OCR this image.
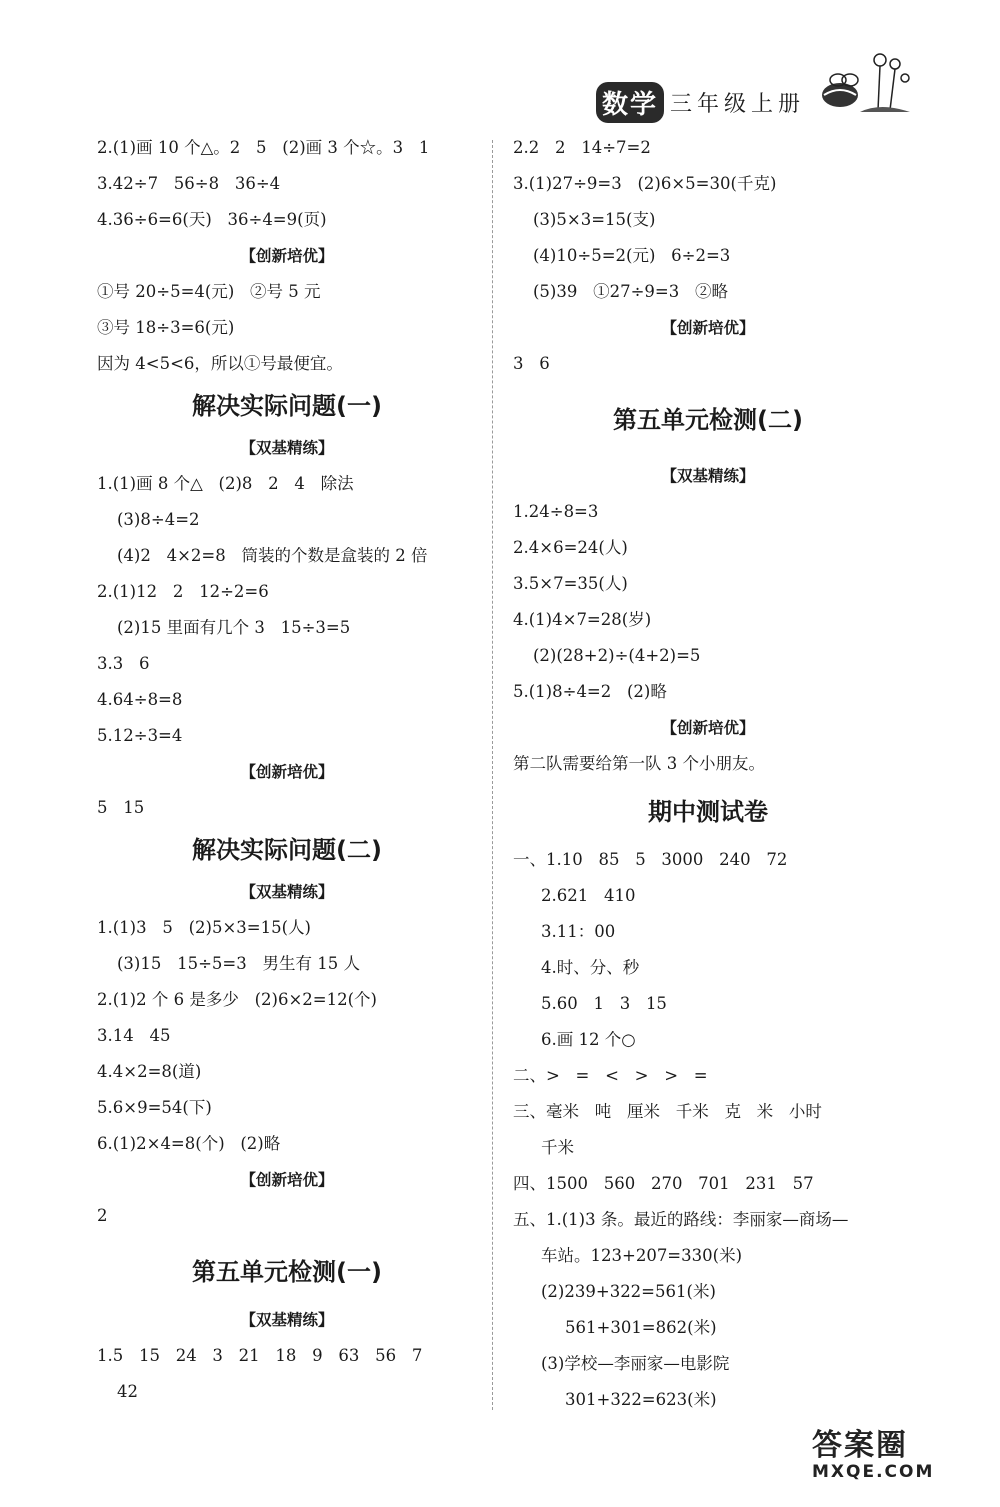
数学 三年级上册
2.(1)画 10 个△。2   5   (2)画 3 个☆。3   1
3.42÷7   56÷8   36÷4
4.36÷6=6(天)   36÷4=9(页)
【创新培优】
①号 20÷5=4(元)   ②号 5 元
③号 18÷3=6(元)
因为 4<5<6，所以①号最便宜。
解决实际问题(一)
【双基精练】
1.(1)画 8 个△   (2)8   2   4   除法
(3)8÷4=2
(4)2   4×2=8   筒装的个数是盒装的 2 倍
2.(1)12   2   12÷2=6
(2)15 里面有几个 3   15÷3=5
3.3   6
4.64÷8=8
5.12÷3=4
【创新培优】
5   15
解决实际问题(二)
【双基精练】
1.(1)3   5   (2)5×3=15(人)
(3)15   15÷5=3   男生有 15 人
2.(1)2 个 6 是多少   (2)6×2=12(个)
3.14   45
4.4×2=8(道)
5.6×9=54(下)
6.(1)2×4=8(个)   (2)略
【创新培优】
2
第五单元检测(一)
【双基精练】
1.5   15   24   3   21   18   9   63   56   7
42
2.2   2   14÷7=2
3.(1)27÷9=3   (2)6×5=30(千克)
(3)5×3=15(支)
(4)10÷5=2(元)   6÷2=3
(5)39   ①27÷9=3   ②略
【创新培优】
3   6
第五单元检测(二)
【双基精练】
1.24÷8=3
2.4×6=24(人)
3.5×7=35(人)
4.(1)4×7=28(岁)
(2)(28+2)÷(4+2)=5
5.(1)8÷4=2   (2)略
【创新培优】
第二队需要给第一队 3 个小朋友。
期中测试卷
一、1.10   85   5   3000   240   72
2.621   410
3.11：00
4.时、分、秒
5.60   1   3   15
6.画 12 个○
二、>   =   <   >   >   =
三、毫米   吨   厘米   千米   克   米   小时
千米
四、1500   560   270   701   231   57
五、1.(1)3 条。最近的路线：李丽家—商场—
车站。123+207=330(米)
(2)239+322=561(米)
561+301=862(米)
(3)学校—李丽家—电影院
301+322=623(米)
答案圈
MXQE.COM
